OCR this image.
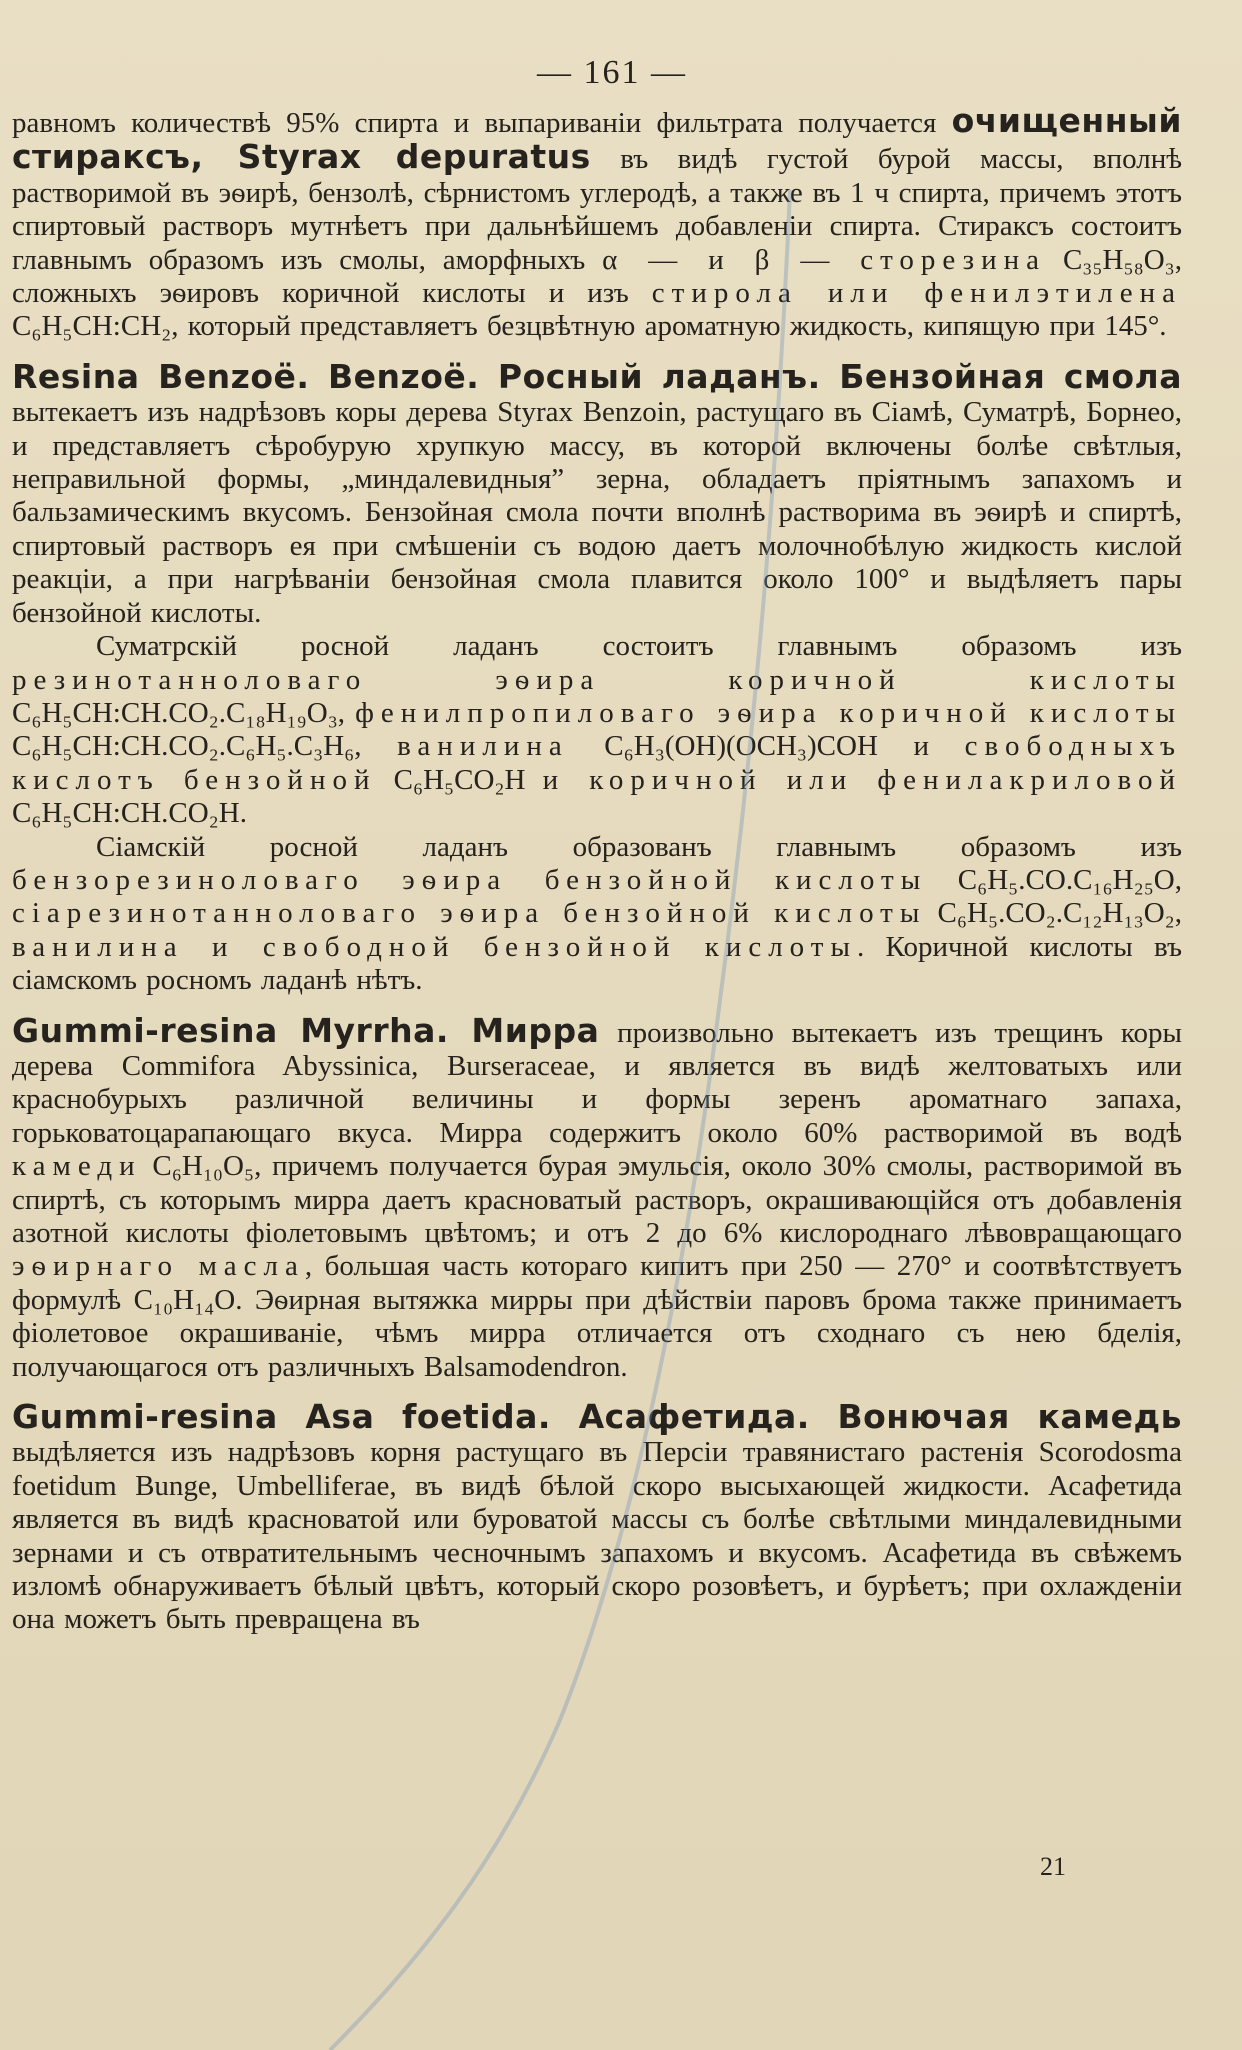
— 161 —

равномъ количествѣ 95% спирта и выпариваніи фильтрата получается очищенный стираксъ, Styrax depuratus въ видѣ густой бурой массы, вполнѣ растворимой въ эѳирѣ, бензолѣ, сѣрнистомъ углеродѣ, а также въ 1 ч спирта, причемъ этотъ спиртовый растворъ мутнѣетъ при дальнѣйшемъ добавленіи спирта. Стираксъ состоитъ главнымъ образомъ изъ смолы, аморфныхъ α — и β — сторезина C₃₅H₅₈O₃, сложныхъ эѳировъ коричной кислоты и изъ стирола или фенилэтилена C₆H₅CH:CH₂, который представляетъ безцвѣтную ароматную жидкость, кипящую при 145°.

Resina Benzoë. Benzoë. Росный ладанъ. Бензойная смола вытекаетъ изъ надрѣзовъ коры дерева Styrax Benzoin, растущаго въ Сіамѣ, Суматрѣ, Борнео, и представляетъ сѣробурую хрупкую массу, въ которой включены болѣе свѣтлыя, неправильной формы, „миндалевидныя” зерна, обладаетъ пріятнымъ запахомъ и бальзамическимъ вкусомъ. Бензойная смола почти вполнѣ растворима въ эѳирѣ и спиртѣ, спиртовый растворъ ея при смѣшеніи съ водою даетъ молочнобѣлую жидкость кислой реакціи, а при нагрѣваніи бензойная смола плавится около 100° и выдѣляетъ пары бензойной кислоты.

Суматрскій росной ладанъ состоитъ главнымъ образомъ изъ резинотанноловаго эѳира коричной кислоты C₆H₅CH:CH.CO₂.C₁₈H₁₉O₃, фенилпропиловаго эѳира коричной кислоты C₆H₅CH:CH.CO₂.C₆H₅.C₃H₆, ванилина C₆H₃(OH)(OCH₃)COH и свободныхъ кислотъ бензойной C₆H₅CO₂H и коричной или фенилакриловой C₆H₅CH:CH.CO₂H.

Сіамскій росной ладанъ образованъ главнымъ образомъ изъ бензорезиноловаго эѳира бензойной кислоты C₆H₅.CO.C₁₆H₂₅O, сіарезинотанноловаго эѳира бензойной кислоты C₆H₅.CO₂.C₁₂H₁₃O₂, ванилина и свободной бензойной кислоты. Коричной кислоты въ сіамскомъ росномъ ладанѣ нѣтъ.

Gummi-resina Myrrha. Мирра произвольно вытекаетъ изъ трещинъ коры дерева Commifora Abyssinica, Burseraceae, и является въ видѣ желтоватыхъ или краснобурыхъ различной величины и формы зеренъ ароматнаго запаха, горьковатоцарапающаго вкуса. Мирра содержитъ около 60% растворимой въ водѣ камеди C₆H₁₀O₅, причемъ получается бурая эмульсія, около 30% смолы, растворимой въ спиртѣ, съ которымъ мирра даетъ красноватый растворъ, окрашивающійся отъ добавленія азотной кислоты фіолетовымъ цвѣтомъ; и отъ 2 до 6% кислороднаго лѣвовращающаго эѳирнаго масла, большая часть котораго кипитъ при 250 — 270° и соотвѣтствуетъ формулѣ C₁₀H₁₄O. Эѳирная вытяжка мирры при дѣйствіи паровъ брома также принимаетъ фіолетовое окрашиваніе, чѣмъ мирра отличается отъ сходнаго съ нею бделія, получающагося отъ различныхъ Balsamodendron.

Gummi-resina Asa foetida. Асафетида. Вонючая камедь выдѣляется изъ надрѣзовъ корня растущаго въ Персіи травянистаго растенія Scorodosma foetidum Bunge, Umbelliferae, въ видѣ бѣлой скоро высыхающей жидкости. Асафетида является въ видѣ красноватой или буроватой массы съ болѣе свѣтлыми миндалевидными зернами и съ отвратительнымъ чесночнымъ запахомъ и вкусомъ. Асафетида въ свѣжемъ изломѣ обнаруживаетъ бѣлый цвѣтъ, который скоро розовѣетъ, и бурѣетъ; при охлажденіи она можетъ быть превращена въ

21
